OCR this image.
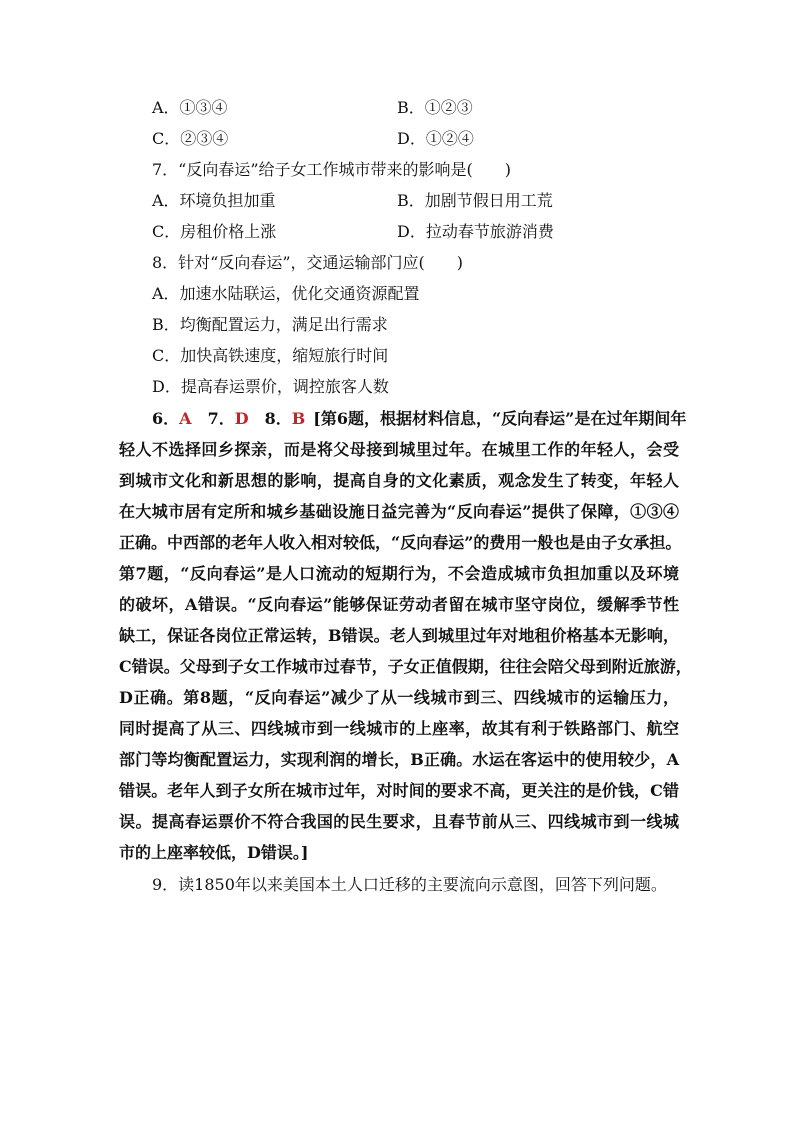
A．①③④	B．①②③
C．②③④	D．①②④
7．“反向春运”给子女工作城市带来的影响是(　　)
A．环境负担加重	B．加剧节假日用工荒
C．房租价格上涨	D．拉动春节旅游消费
8．针对“反向春运”，交通运输部门应(　　)
A．加速水陆联运，优化交通资源配置
B．均衡配置运力，满足出行需求
C．加快高铁速度，缩短旅行时间
D．提高春运票价，调控旅客人数

6．A　7．D　8．B [第6题，根据材料信息，“反向春运”是在过年期间年

轻人不选择回乡探亲，而是将父母接到城里过年。在城里工作的年轻人，会受

到城市文化和新思想的影响，提高自身的文化素质，观念发生了转变，年轻人

在大城市居有定所和城乡基础设施日益完善为“反向春运”提供了保障，①③④

正确。中西部的老年人收入相对较低，“反向春运”的费用一般也是由子女承担。

第7题，“反向春运”是人口流动的短期行为，不会造成城市负担加重以及环境

的破坏，A错误。“反向春运”能够保证劳动者留在城市坚守岗位，缓解季节性

缺工，保证各岗位正常运转，B错误。老人到城里过年对地租价格基本无影响，

C错误。父母到子女工作城市过春节，子女正值假期，往往会陪父母到附近旅游，

D正确。第8题，“反向春运”减少了从一线城市到三、四线城市的运输压力，

同时提高了从三、四线城市到一线城市的上座率，故其有利于铁路部门、航空

部门等均衡配置运力，实现利润的增长，B正确。水运在客运中的使用较少，A

错误。老年人到子女所在城市过年，对时间的要求不高，更关注的是价钱，C错

误。提高春运票价不符合我国的民生要求，且春节前从三、四线城市到一线城

市的上座率较低，D错误。]

9．读1850年以来美国本土人口迁移的主要流向示意图，回答下列问题。
